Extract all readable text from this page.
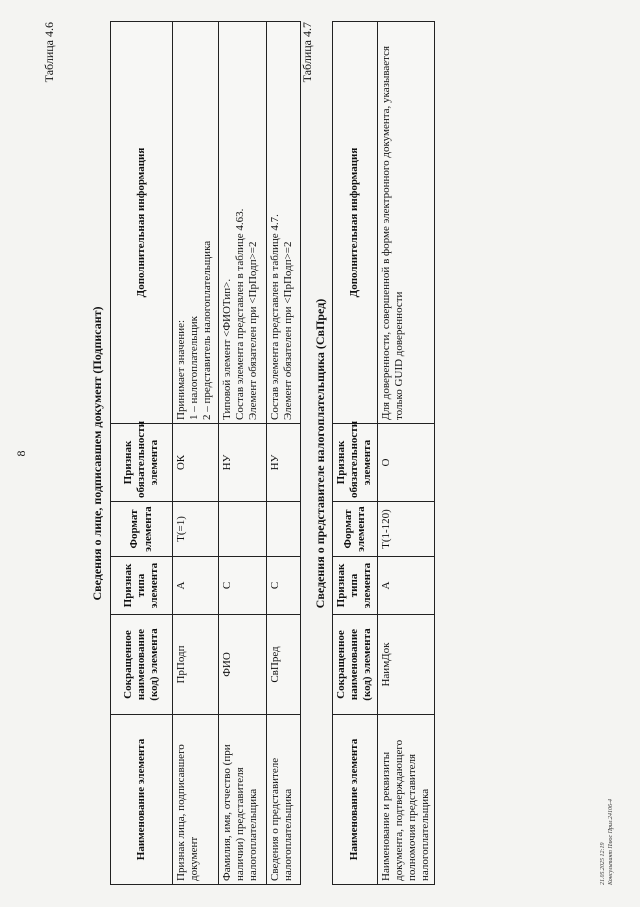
8
Таблица 4.6
Сведения о лице, подписавшем документ (Подписант)
Наименование элемента	Сокращенное наименование (код) элемента	Признак типа элемента	Формат элемента	Признак обязательности элемента	Дополнительная информация
Признак лица, подписавшего документ	ПрПодп	А	T(=1)	ОК	Принимает значение:
1 – налогоплательщик
2 – представитель налогоплательщика
Фамилия, имя, отчество (при наличии) представителя налогоплательщика	ФИО	С		НУ	Типовой элемент <ФИОТип>.
Состав элемента представлен в таблице 4.63.
Элемент обязателен при <ПрПодп>=2
Сведения о представителе налогоплательщика	СвПред	С		НУ	Состав элемента представлен в таблице 4.7.
Элемент обязателен при <ПрПодп>=2
Таблица 4.7
Сведения о представителе налогоплательщика (СвПред)
Наименование элемента	Сокращенное наименование (код) элемента	Признак типа элемента	Формат элемента	Признак обязательности элемента	Дополнительная информация
Наименование и реквизиты документа, подтверждающего полномочия представителя налогоплательщика	НаимДок	А	T(1-120)	О	Для доверенности, совершенной в форме электронного документа, указывается только GUID доверенности
21.05.2025 12:19 Консультант Плюс Прил.24106-4
